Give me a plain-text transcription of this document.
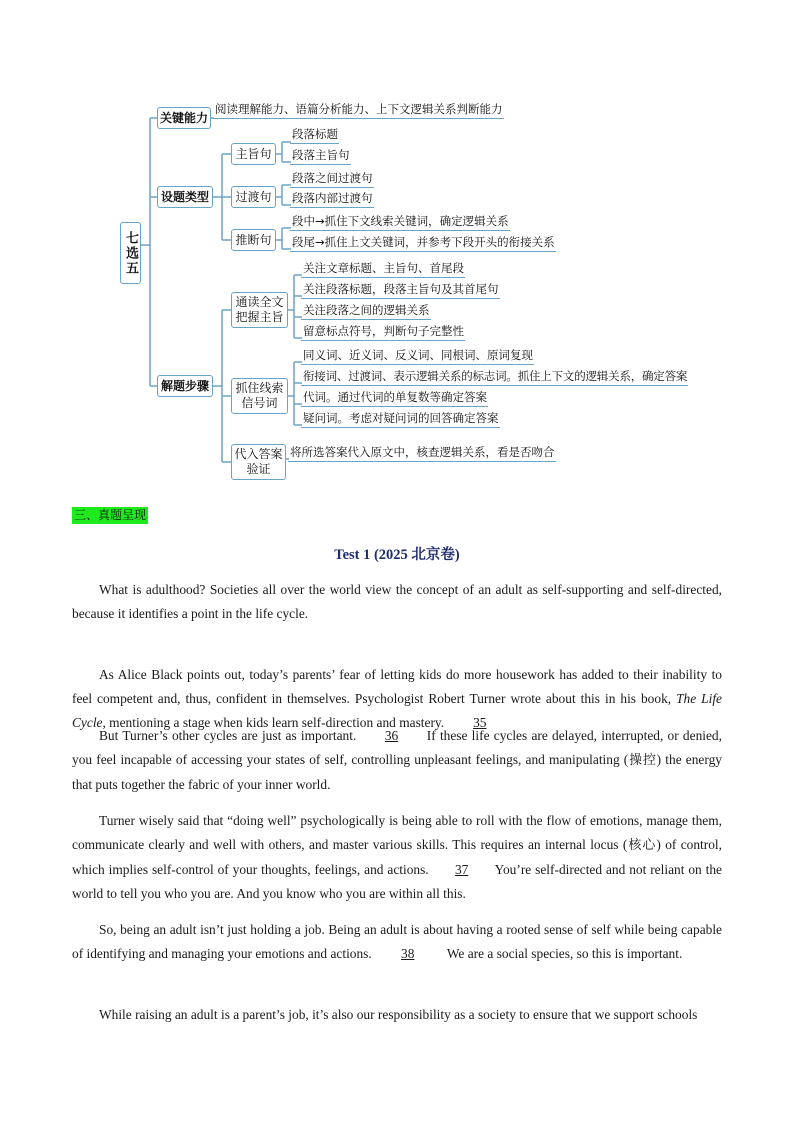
七选五
关键能力
阅读理解能力、语篇分析能力、上下文逻辑关系判断能力
设题类型
主旨句
段落标题
段落主旨句
过渡句
段落之间过渡句
段落内部过渡句
推断句
段中→抓住下文线索关键词，确定逻辑关系
段尾→抓住上文关键词，并参考下段开头的衔接关系
解题步骤
通读全文
把握主旨
关注文章标题、主旨句、首尾段
关注段落标题，段落主旨句及其首尾句
关注段落之间的逻辑关系
留意标点符号，判断句子完整性
抓住线索
信号词
同义词、近义词、反义词、同根词、原词复现
衔接词、过渡词、表示逻辑关系的标志词。抓住上下文的逻辑关系，确定答案
代词。通过代词的单复数等确定答案
疑问词。考虑对疑问词的回答确定答案
代入答案
验证
将所选答案代入原文中，核查逻辑关系，看是否吻合
三、真题呈现
Test 1 (2025 北京卷)

What is adulthood? Societies all over the world view the concept of an adult as self-supporting and self-directed, because it identifies a point in the life cycle.

As Alice Black points out, today’s parents’ fear of letting kids do more housework has added to their inability to feel competent and, thus, confident in themselves. Psychologist Robert Turner wrote about this in his book, The Life Cycle, mentioning a stage when kids learn self-direction and mastery. 35

But Turner’s other cycles are just as important. 36 If these life cycles are delayed, interrupted, or denied, you feel incapable of accessing your states of self, controlling unpleasant feelings, and manipulating (操控) the energy that puts together the fabric of your inner world.

Turner wisely said that “doing well” psychologically is being able to roll with the flow of emotions, manage them, communicate clearly and well with others, and master various skills. This requires an internal locus (核心) of control, which implies self-control of your thoughts, feelings, and actions. 37 You’re self-directed and not reliant on the world to tell you who you are. And you know who you are within all this.

So, being an adult isn’t just holding a job. Being an adult is about having a rooted sense of self while being capable of identifying and managing your emotions and actions. 38 We are a social species, so this is important.

While raising an adult is a parent’s job, it’s also our responsibility as a society to ensure that we support schools
